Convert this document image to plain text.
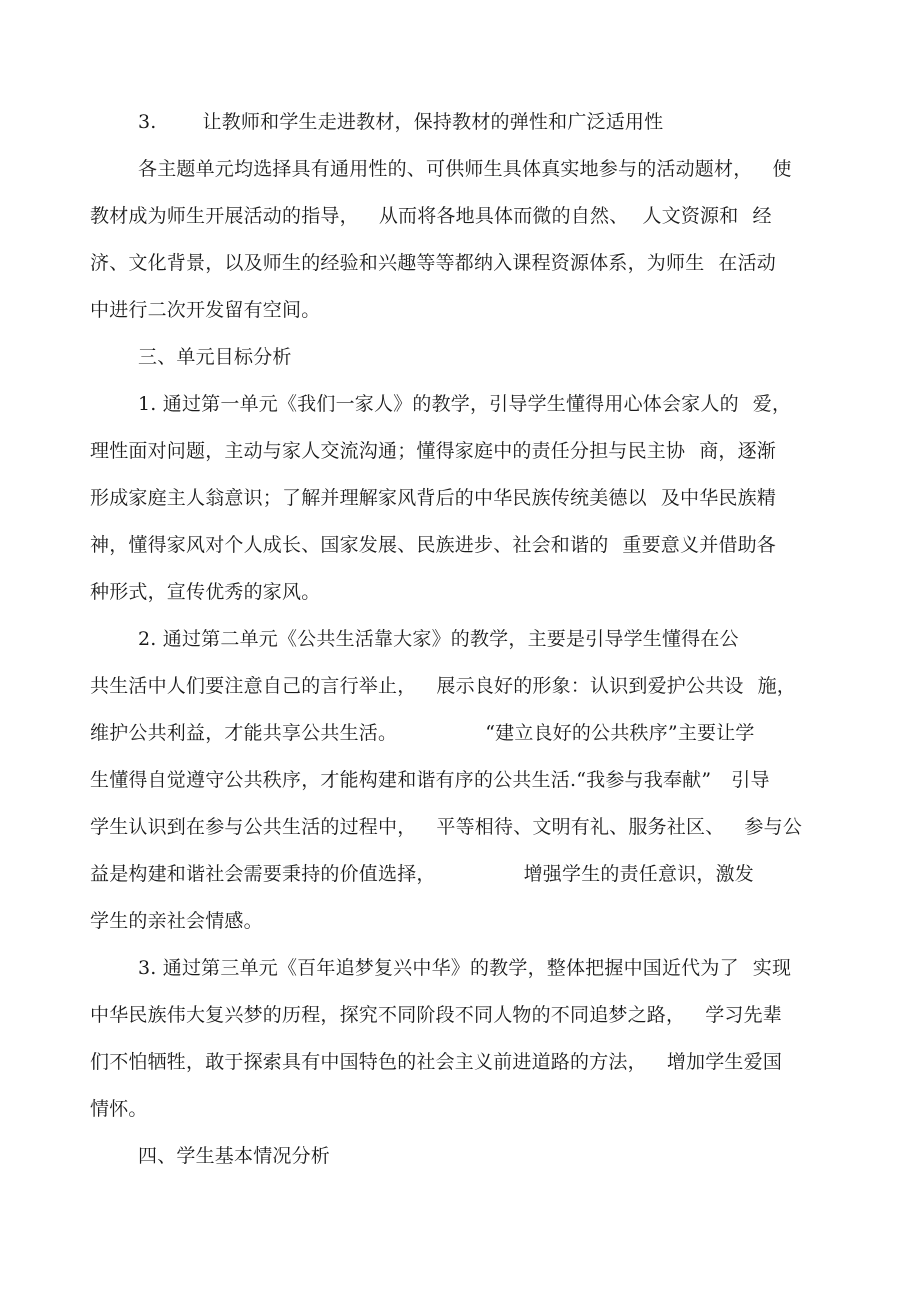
3. 让教师和学生走进教材，保持教材的弹性和广泛适用性
各主题单元均选择具有通用性的、可供师生具体真实地参与的活动题材， 使
教材成为师生开展活动的指导， 从而将各地具体而微的自然、 人文资源和 经
济、文化背景，以及师生的经验和兴趣等等都纳入课程资源体系，为师生 在活动
中进行二次开发留有空间。
三、单元目标分析
1. 通过第一单元《我们一家人》的教学，引导学生懂得用心体会家人的 爱，
理性面对问题，主动与家人交流沟通；懂得家庭中的责任分担与民主协 商，逐渐
形成家庭主人翁意识；了解并理解家风背后的中华民族传统美德以 及中华民族精
神，懂得家风对个人成长、国家发展、民族进步、社会和谐的 重要意义并借助各
种形式，宣传优秀的家风。
2. 通过第二单元《公共生活靠大家》的教学，主要是引导学生懂得在公
共生活中人们要注意自己的言行举止， 展示良好的形象：认识到爱护公共设 施，
维护公共利益，才能共享公共生活。	“建立良好的公共秩序”主要让学
生懂得自觉遵守公共秩序，才能构建和谐有序的公共生活.“我参与我奉献” 引导
学生认识到在参与公共生活的过程中， 平等相待、文明有礼、服务社区、 参与公
益是构建和谐社会需要秉持的价值选择，	增强学生的责任意识，激发
学生的亲社会情感。
3. 通过第三单元《百年追梦复兴中华》的教学，整体把握中国近代为了 实现
中华民族伟大复兴梦的历程，探究不同阶段不同人物的不同追梦之路， 学习先辈
们不怕牺牲，敢于探索具有中国特色的社会主义前进道路的方法， 增加学生爱国
情怀。
四、学生基本情况分析
